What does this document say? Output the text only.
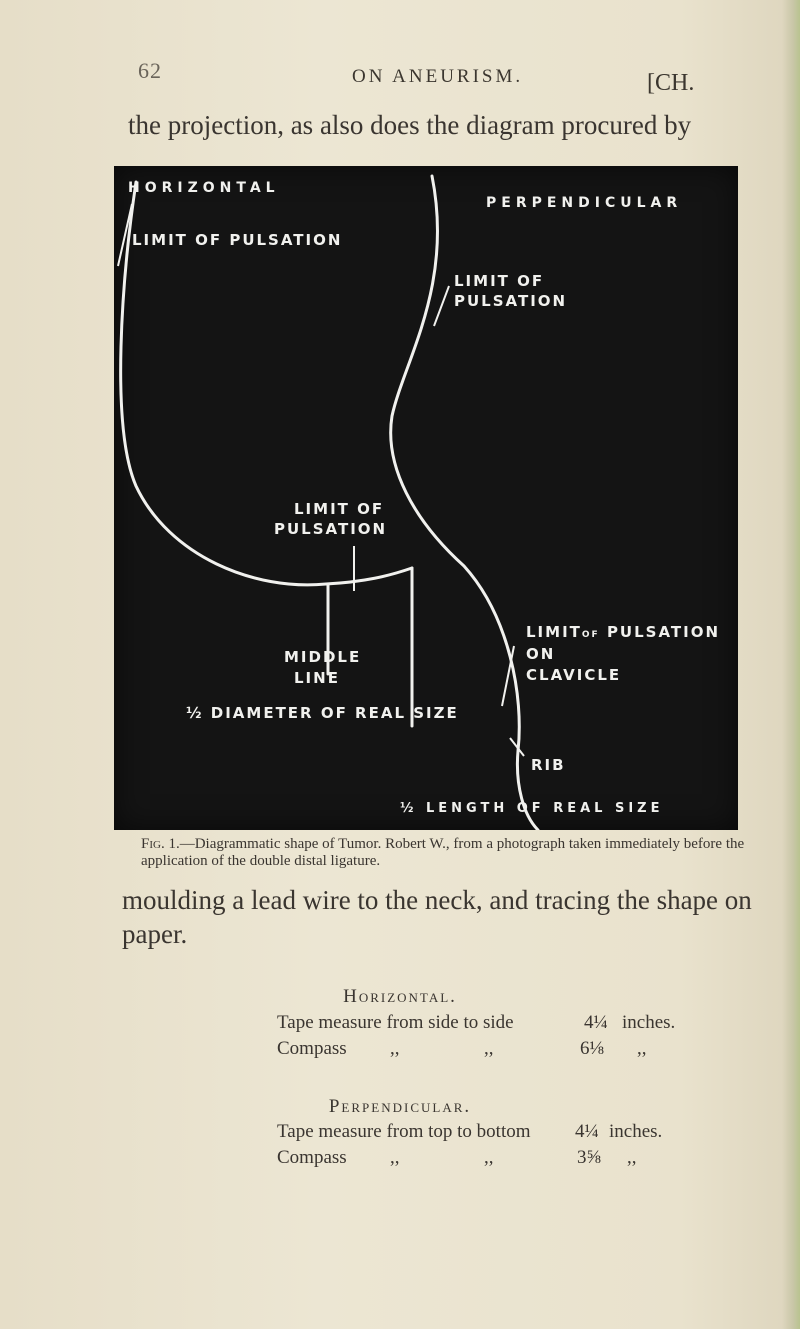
62	ON ANEURISM.	[CH.
the projection, as also does the diagram procured by
HORIZONTAL
PERPENDICULAR
LIMIT OF PULSATION
LIMIT OF
PULSATION
LIMIT OF
PULSATION
MIDDLE
LINE
LIMITOF PULSATION
ON
CLAVICLE
½ DIAMETER OF REAL SIZE
RIB
½ LENGTH OF REAL SIZE
Fig. 1.—Diagrammatic shape of Tumor. Robert W., from a photograph taken immediately before the application of the double distal ligature.
moulding a lead wire to the neck, and tracing the shape on paper.
Horizontal.
Tape measure from side to side	4¼ inches.
Compass ,,	,,	6⅛ ,,
Perpendicular.
Tape measure from top to bottom 4¼ inches.
Compass ,,	,,	3⅝ ,,
